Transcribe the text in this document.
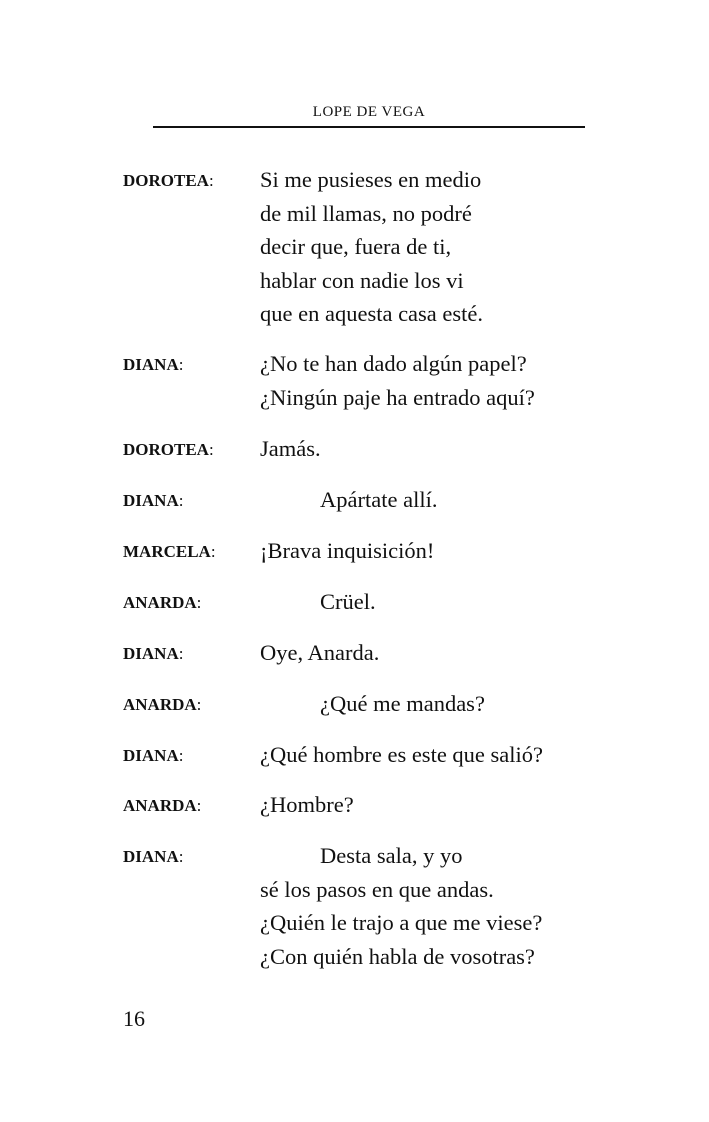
LOPE DE VEGA
DOROTEA: Si me pusieses en medio
de mil llamas, no podré
decir que, fuera de ti,
hablar con nadie los vi
que en aquesta casa esté.
DIANA:	¿No te han dado algún papel?
¿Ningún paje ha entrado aquí?
DOROTEA: Jamás.
DIANA:	Apártate allí.
MARCELA: ¡Brava inquisición!
ANARDA:	Crüel.
DIANA:	Oye, Anarda.
ANARDA:	¿Qué me mandas?
DIANA:	¿Qué hombre es este que salió?
ANARDA:	¿Hombre?
DIANA:	Desta sala, y yo
sé los pasos en que andas.
¿Quién le trajo a que me viese?
¿Con quién habla de vosotras?
16
